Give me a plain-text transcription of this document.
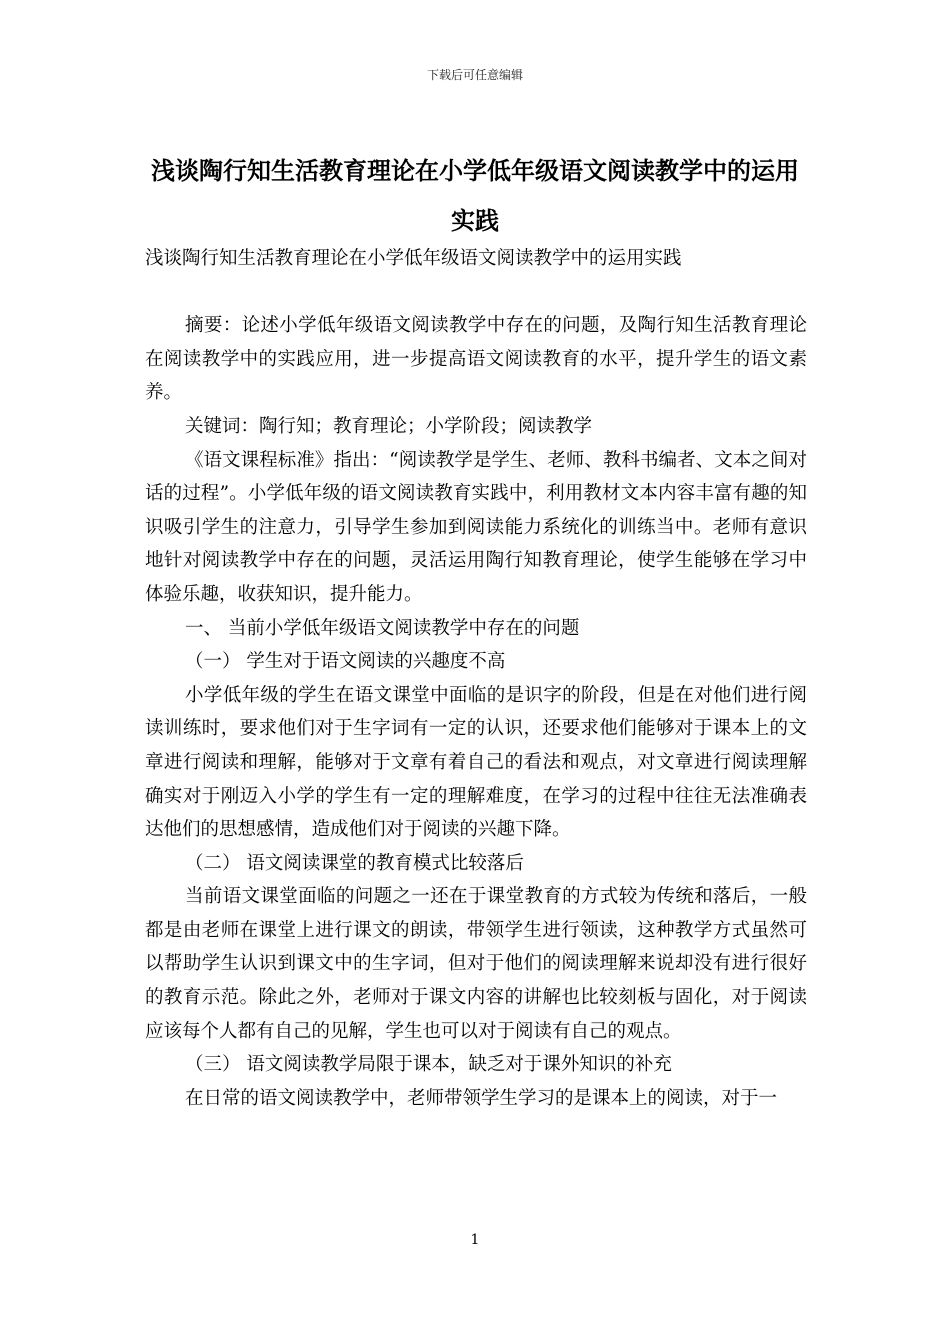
下载后可任意编辑
浅谈陶行知生活教育理论在小学低年级语文阅读教学中的运用实践

浅谈陶行知生活教育理论在小学低年级语文阅读教学中的运用实践

摘要：论述小学低年级语文阅读教学中存在的问题，及陶行知生活教育理论在阅读教学中的实践应用，进一步提高语文阅读教育的水平，提升学生的语文素养。

关键词：陶行知；教育理论；小学阶段；阅读教学

《语文课程标准》指出：“阅读教学是学生、老师、教科书编者、文本之间对话的过程”。小学低年级的语文阅读教育实践中，利用教材文本内容丰富有趣的知识吸引学生的注意力，引导学生参加到阅读能力系统化的训练当中。老师有意识地针对阅读教学中存在的问题，灵活运用陶行知教育理论，使学生能够在学习中体验乐趣，收获知识，提升能力。

一、 当前小学低年级语文阅读教学中存在的问题

（一） 学生对于语文阅读的兴趣度不高

小学低年级的学生在语文课堂中面临的是识字的阶段，但是在对他们进行阅读训练时，要求他们对于生字词有一定的认识，还要求他们能够对于课本上的文章进行阅读和理解，能够对于文章有着自己的看法和观点，对文章进行阅读理解确实对于刚迈入小学的学生有一定的理解难度，在学习的过程中往往无法准确表达他们的思想感情，造成他们对于阅读的兴趣下降。

（二） 语文阅读课堂的教育模式比较落后

当前语文课堂面临的问题之一还在于课堂教育的方式较为传统和落后，一般都是由老师在课堂上进行课文的朗读，带领学生进行领读，这种教学方式虽然可以帮助学生认识到课文中的生字词，但对于他们的阅读理解来说却没有进行很好的教育示范。除此之外，老师对于课文内容的讲解也比较刻板与固化，对于阅读应该每个人都有自己的见解，学生也可以对于阅读有自己的观点。

（三） 语文阅读教学局限于课本，缺乏对于课外知识的补充

在日常的语文阅读教学中，老师带领学生学习的是课本上的阅读，对于一

1
